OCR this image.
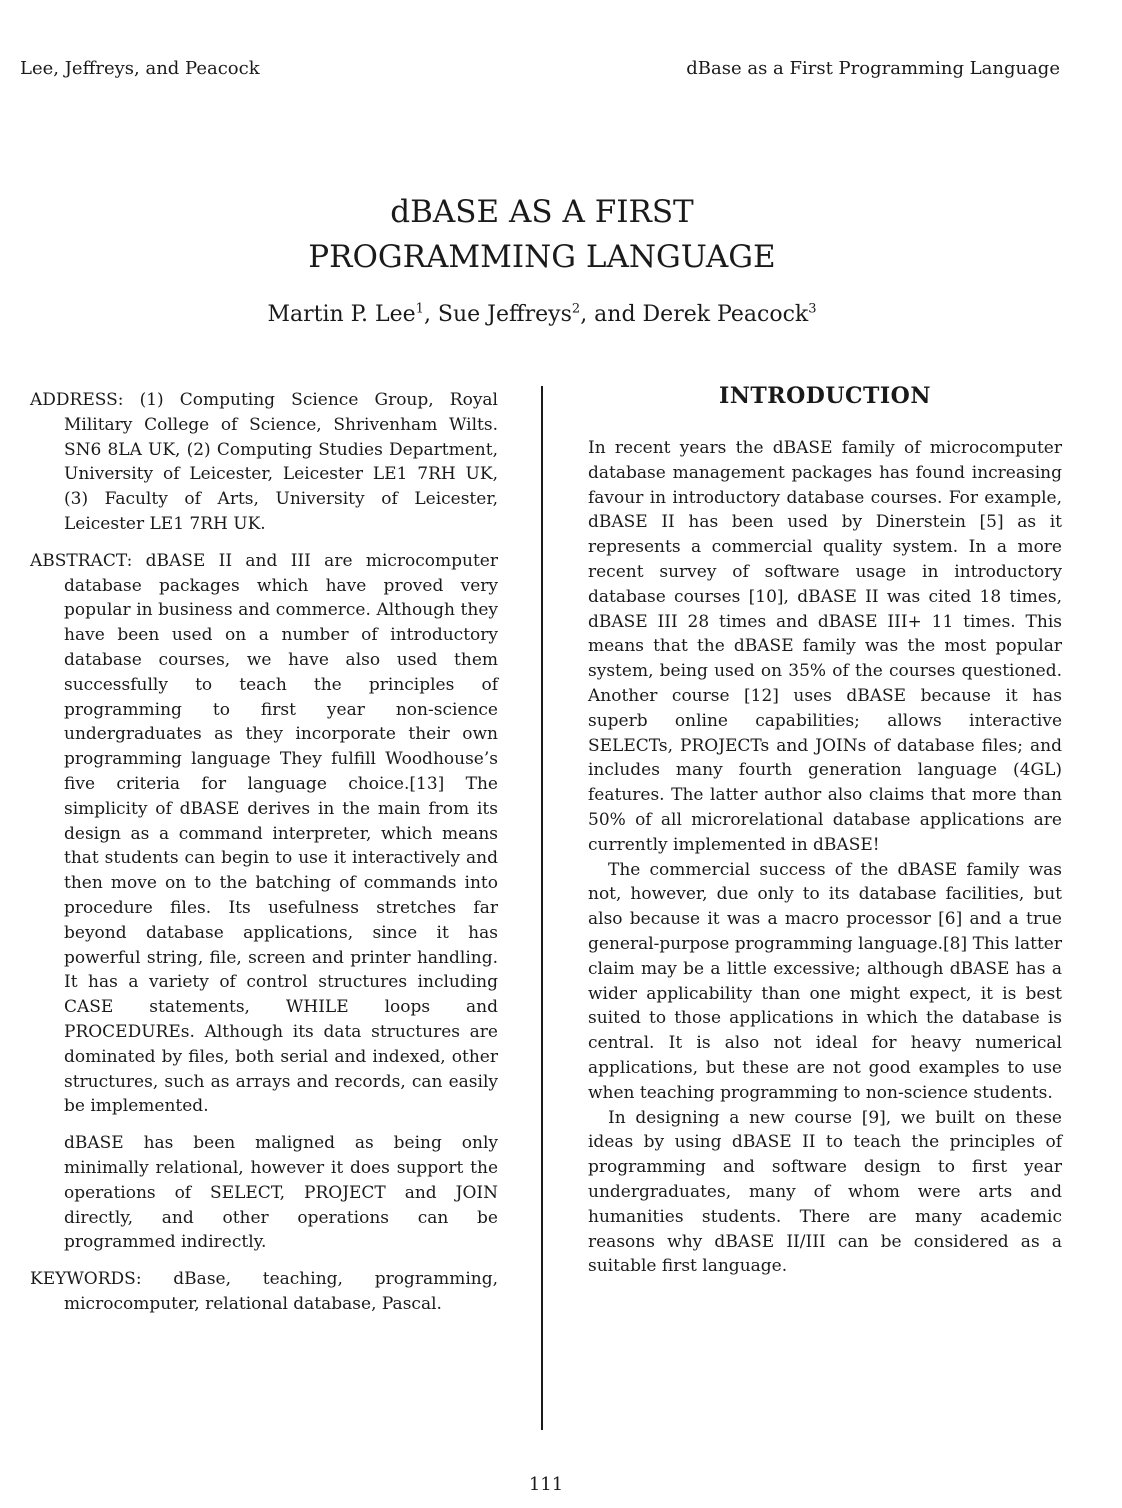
Lee, Jeffreys, and Peacock	dBase as a First Programming Language
dBASE AS A FIRST
PROGRAMMING LANGUAGE
Martin P. Lee$^1$, Sue Jeffreys$^2$, and Derek Peacock$^3$

ADDRESS: (1) Computing Science Group, Royal Military College of Science, Shrivenham Wilts. SN6 8LA UK, (2) Computing Studies Department, University of Leicester, Leicester LE1 7RH UK, (3) Faculty of Arts, University of Leicester, Leicester LE1 7RH UK.

ABSTRACT: dBASE II and III are microcomputer database packages which have proved very popular in business and commerce. Although they have been used on a number of introductory database courses, we have also used them successfully to teach the principles of programming to first year non-science undergraduates as they incorporate their own programming language They fulfill Woodhouse’s five criteria for language choice.[13] The simplicity of dBASE derives in the main from its design as a command interpreter, which means that students can begin to use it interactively and then move on to the batching of commands into procedure files. Its usefulness stretches far beyond database applications, since it has powerful string, file, screen and printer handling. It has a variety of control structures including CASE statements, WHILE loops and PROCEDUREs. Although its data structures are dominated by files, both serial and indexed, other structures, such as arrays and records, can easily be implemented.

dBASE has been maligned as being only minimally relational, however it does support the operations of SELECT, PROJECT and JOIN directly, and other operations can be programmed indirectly.

KEYWORDS: dBase, teaching, programming, microcomputer, relational database, Pascal.

INTRODUCTION

In recent years the dBASE family of microcomputer database management packages has found increasing favour in introductory database courses. For example, dBASE II has been used by Dinerstein [5] as it represents a commercial quality system. In a more recent survey of software usage in introductory database courses [10], dBASE II was cited 18 times, dBASE III 28 times and dBASE III+ 11 times. This means that the dBASE family was the most popular system, being used on 35% of the courses questioned. Another course [12] uses dBASE because it has superb online capabilities; allows interactive SELECTs, PROJECTs and JOINs of database files; and includes many fourth generation language (4GL) features. The latter author also claims that more than 50% of all microrelational database applications are currently implemented in dBASE!

The commercial success of the dBASE family was not, however, due only to its database facilities, but also because it was a macro processor [6] and a true general-purpose programming language.[8] This latter claim may be a little excessive; although dBASE has a wider applicability than one might expect, it is best suited to those applications in which the database is central. It is also not ideal for heavy numerical applications, but these are not good examples to use when teaching programming to non-science students.

In designing a new course [9], we built on these ideas by using dBASE II to teach the principles of programming and software design to first year undergraduates, many of whom were arts and humanities students. There are many academic reasons why dBASE II/III can be considered as a suitable first language.

111
